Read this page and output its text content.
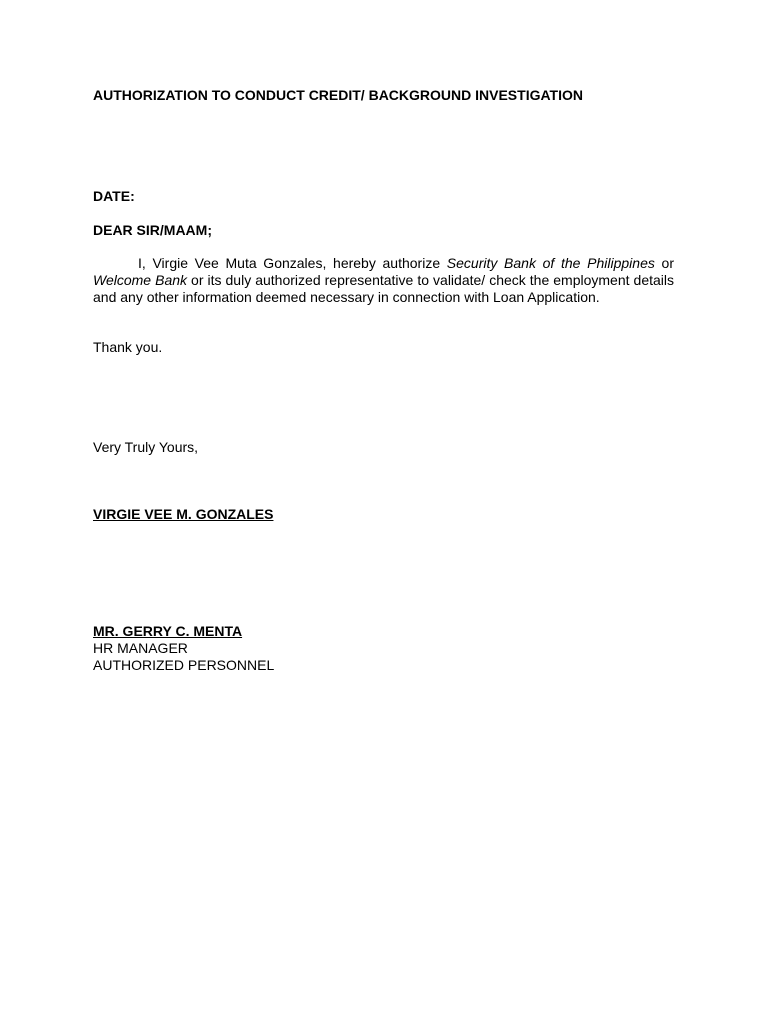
AUTHORIZATION TO CONDUCT CREDIT/ BACKGROUND INVESTIGATION
DATE:
DEAR SIR/MAAM;
I, Virgie Vee Muta Gonzales, hereby authorize Security Bank of the Philippines or Welcome Bank or its duly authorized representative to validate/ check the employment details and any other information deemed necessary in connection with Loan Application.
Thank you.
Very Truly Yours,
VIRGIE VEE M. GONZALES
MR. GERRY C. MENTA
HR MANAGER
AUTHORIZED PERSONNEL
